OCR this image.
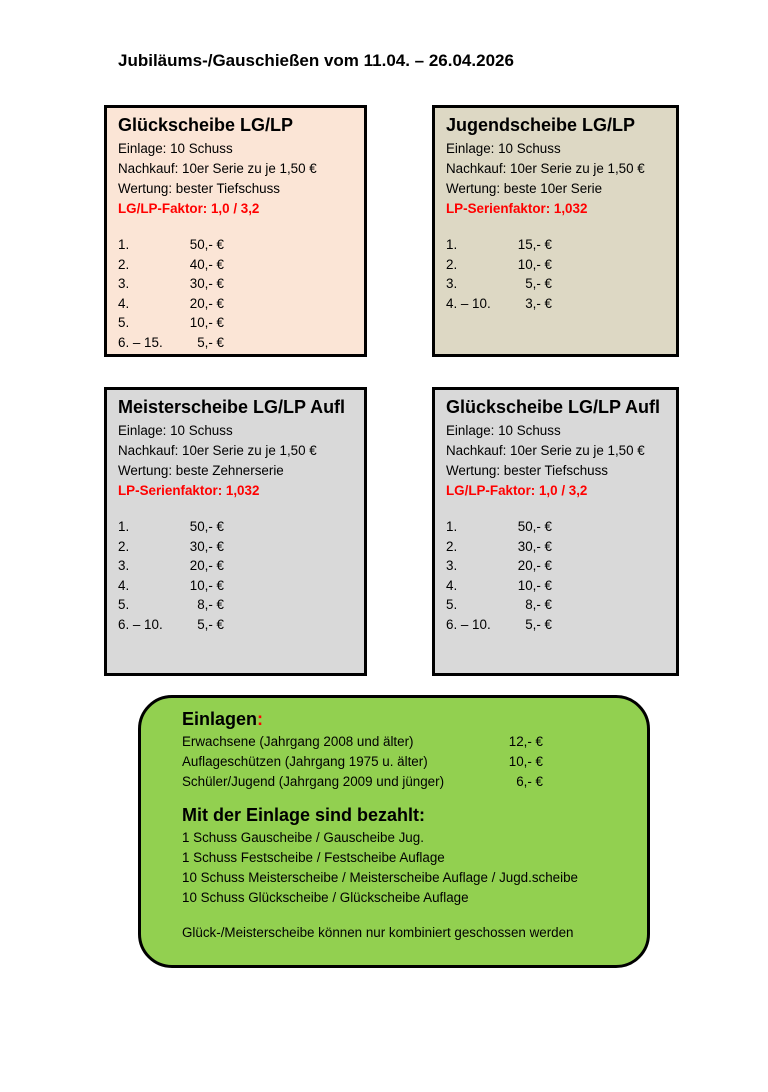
Jubiläums-/Gauschießen vom 11.04. – 26.04.2026
Glückscheibe LG/LP
Einlage: 10 Schuss
Nachkauf: 10er Serie zu je 1,50 €
Wertung: bester Tiefschuss
LG/LP-Faktor: 1,0 / 3,2
1.	50,- €
2.	40,- €
3.	30,- €
4.	20,- €
5.	10,- €
6. – 15.	5,- €
Jugendscheibe LG/LP
Einlage: 10 Schuss
Nachkauf: 10er Serie zu je 1,50 €
Wertung: beste 10er Serie
LP-Serienfaktor: 1,032
1.	15,- €
2.	10,- €
3.	5,- €
4. – 10.	3,- €
Meisterscheibe LG/LP Aufl
Einlage: 10 Schuss
Nachkauf: 10er Serie zu je 1,50 €
Wertung: beste Zehnerserie
LP-Serienfaktor: 1,032
1.	50,- €
2.	30,- €
3.	20,- €
4.	10,- €
5.	8,- €
6. – 10.	5,- €
Glückscheibe LG/LP Aufl
Einlage: 10 Schuss
Nachkauf: 10er Serie zu je 1,50 €
Wertung: bester Tiefschuss
LG/LP-Faktor: 1,0 / 3,2
1.	50,- €
2.	30,- €
3.	20,- €
4.	10,- €
5.	8,- €
6. – 10.	5,- €
Einlagen:
Erwachsene (Jahrgang 2008 und älter)	12,- €
Auflageschützen (Jahrgang 1975 u. älter)	10,- €
Schüler/Jugend (Jahrgang 2009 und jünger)	6,- €
Mit der Einlage sind bezahlt:
1 Schuss Gauscheibe / Gauscheibe Jug.
1 Schuss Festscheibe / Festscheibe Auflage
10 Schuss Meisterscheibe / Meisterscheibe Auflage / Jugd.scheibe
10 Schuss Glückscheibe / Glückscheibe Auflage
Glück-/Meisterscheibe können nur kombiniert geschossen werden
